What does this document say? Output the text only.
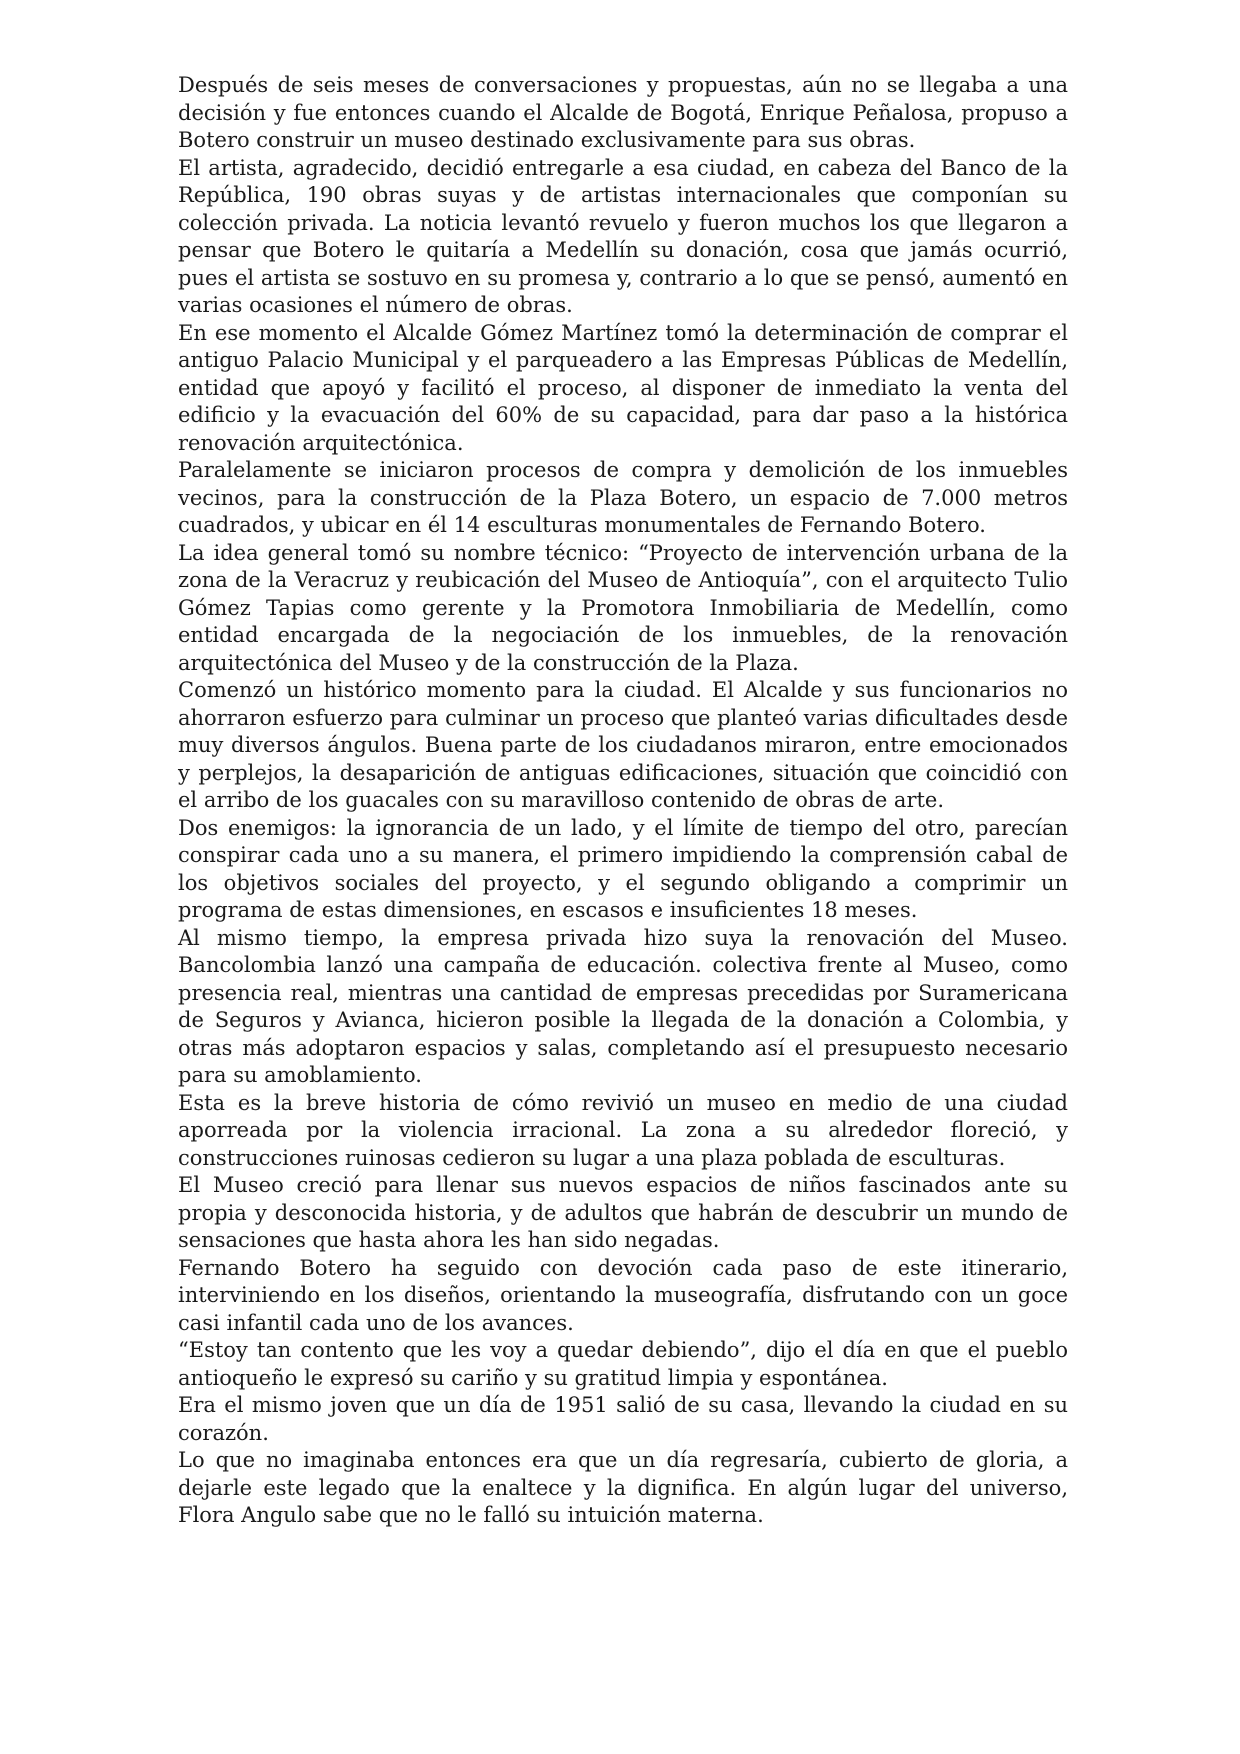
Después de seis meses de conversaciones y propuestas, aún no se llegaba a una decisión y fue entonces cuando el Alcalde de Bogotá, Enrique Peñalosa, propuso a Botero construir un museo destinado exclusivamente para sus obras.

El artista, agradecido, decidió entregarle a esa ciudad, en cabeza del Banco de la República, 190 obras suyas y de artistas internacionales que componían su colección privada. La noticia levantó revuelo y fueron muchos los que llegaron a pensar que Botero le quitaría a Medellín su donación, cosa que jamás ocurrió, pues el artista se sostuvo en su promesa y, contrario a lo que se pensó, aumentó en varias ocasiones el número de obras.

En ese momento el Alcalde Gómez Martínez tomó la determinación de comprar el antiguo Palacio Municipal y el parqueadero a las Empresas Públicas de Medellín, entidad que apoyó y facilitó el proceso, al disponer de inmediato la venta del edificio y la evacuación del 60% de su capacidad, para dar paso a la histórica renovación arquitectónica.

Paralelamente se iniciaron procesos de compra y demolición de los inmuebles vecinos, para la construcción de la Plaza Botero, un espacio de 7.000 metros cuadrados, y ubicar en él 14 esculturas monumentales de Fernando Botero.

La idea general tomó su nombre técnico: “Proyecto de intervención urbana de la zona de la Veracruz y reubicación del Museo de Antioquía”, con el arquitecto Tulio Gómez Tapias como gerente y la Promotora Inmobiliaria de Medellín, como entidad encargada de la negociación de los inmuebles, de la renovación arquitectónica del Museo y de la construcción de la Plaza.

Comenzó un histórico momento para la ciudad. El Alcalde y sus funcionarios no ahorraron esfuerzo para culminar un proceso que planteó varias dificultades desde muy diversos ángulos. Buena parte de los ciudadanos miraron, entre emocionados y perplejos, la desaparición de antiguas edificaciones, situación que coincidió con el arribo de los guacales con su maravilloso contenido de obras de arte.

Dos enemigos: la ignorancia de un lado, y el límite de tiempo del otro, parecían conspirar cada uno a su manera, el primero impidiendo la comprensión cabal de los objetivos sociales del proyecto, y el segundo obligando a comprimir un programa de estas dimensiones, en escasos e insuficientes 18 meses.

Al mismo tiempo, la empresa privada hizo suya la renovación del Museo. Bancolombia lanzó una campaña de educación. colectiva frente al Museo, como presencia real, mientras una cantidad de empresas precedidas por Suramericana de Seguros y Avianca, hicieron posible la llegada de la donación a Colombia, y otras más adoptaron espacios y salas, completando así el presupuesto necesario para su amoblamiento.

Esta es la breve historia de cómo revivió un museo en medio de una ciudad aporreada por la violencia irracional. La zona a su alrededor floreció, y construcciones ruinosas cedieron su lugar a una plaza poblada de esculturas.

El Museo creció para llenar sus nuevos espacios de niños fascinados ante su propia y desconocida historia, y de adultos que habrán de descubrir un mundo de sensaciones que hasta ahora les han sido negadas.

Fernando Botero ha seguido con devoción cada paso de este itinerario, interviniendo en los diseños, orientando la museografía, disfrutando con un goce casi infantil cada uno de los avances.

“Estoy tan contento que les voy a quedar debiendo”, dijo el día en que el pueblo antioqueño le expresó su cariño y su gratitud limpia y espontánea.

Era el mismo joven que un día de 1951 salió de su casa, llevando la ciudad en su corazón.

Lo que no imaginaba entonces era que un día regresaría, cubierto de gloria, a dejarle este legado que la enaltece y la dignifica. En algún lugar del universo, Flora Angulo sabe que no le falló su intuición materna.
